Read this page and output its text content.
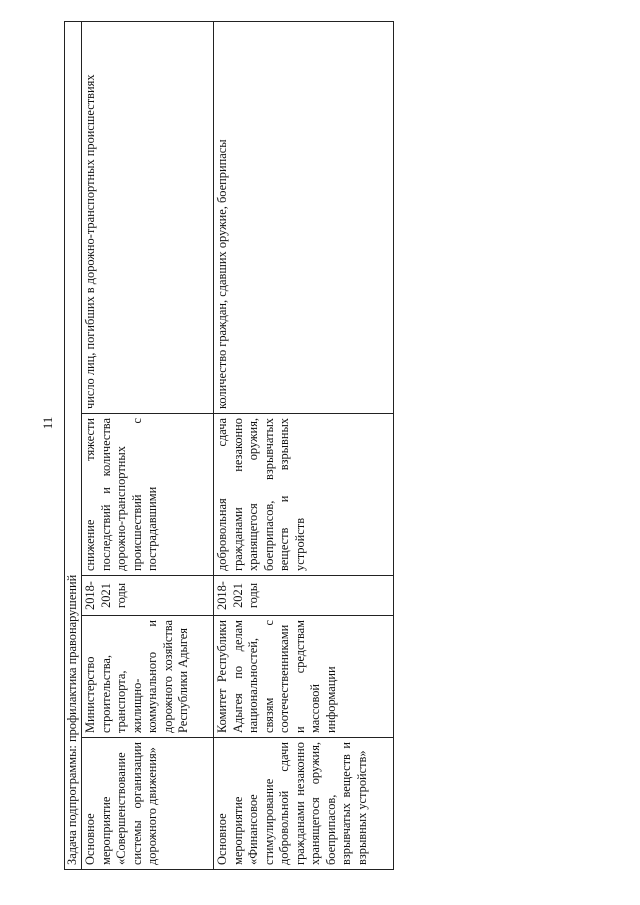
11
Задача подпрограммы: профилактика правонарушений				
Основное мероприятие «Совершенствование системы организации дорожного движения»	Министерство строительства, транспорта, жилищно-коммунального и дорожного хозяйства Республики Адыгея	2018-2021 годы	снижение тяжести последствий и количества дорожно-транспортных происшествий с пострадавшими	число лиц, погибших в дорожно-транспортных происшествиях
Основное мероприятие «Финансовое стимулирование добровольной сдачи гражданами незаконно хранящегося оружия, боеприпасов, взрывчатых веществ и взрывных устройств»	Комитет Республики Адыгея по делам национальностей, связям с соотечественниками и средствам массовой информации	2018-2021 годы	добровольная сдача гражданами незаконно хранящегося оружия, боеприпасов, взрывчатых веществ и взрывных устройств	количество граждан, сдавших оружие, боеприпасы
